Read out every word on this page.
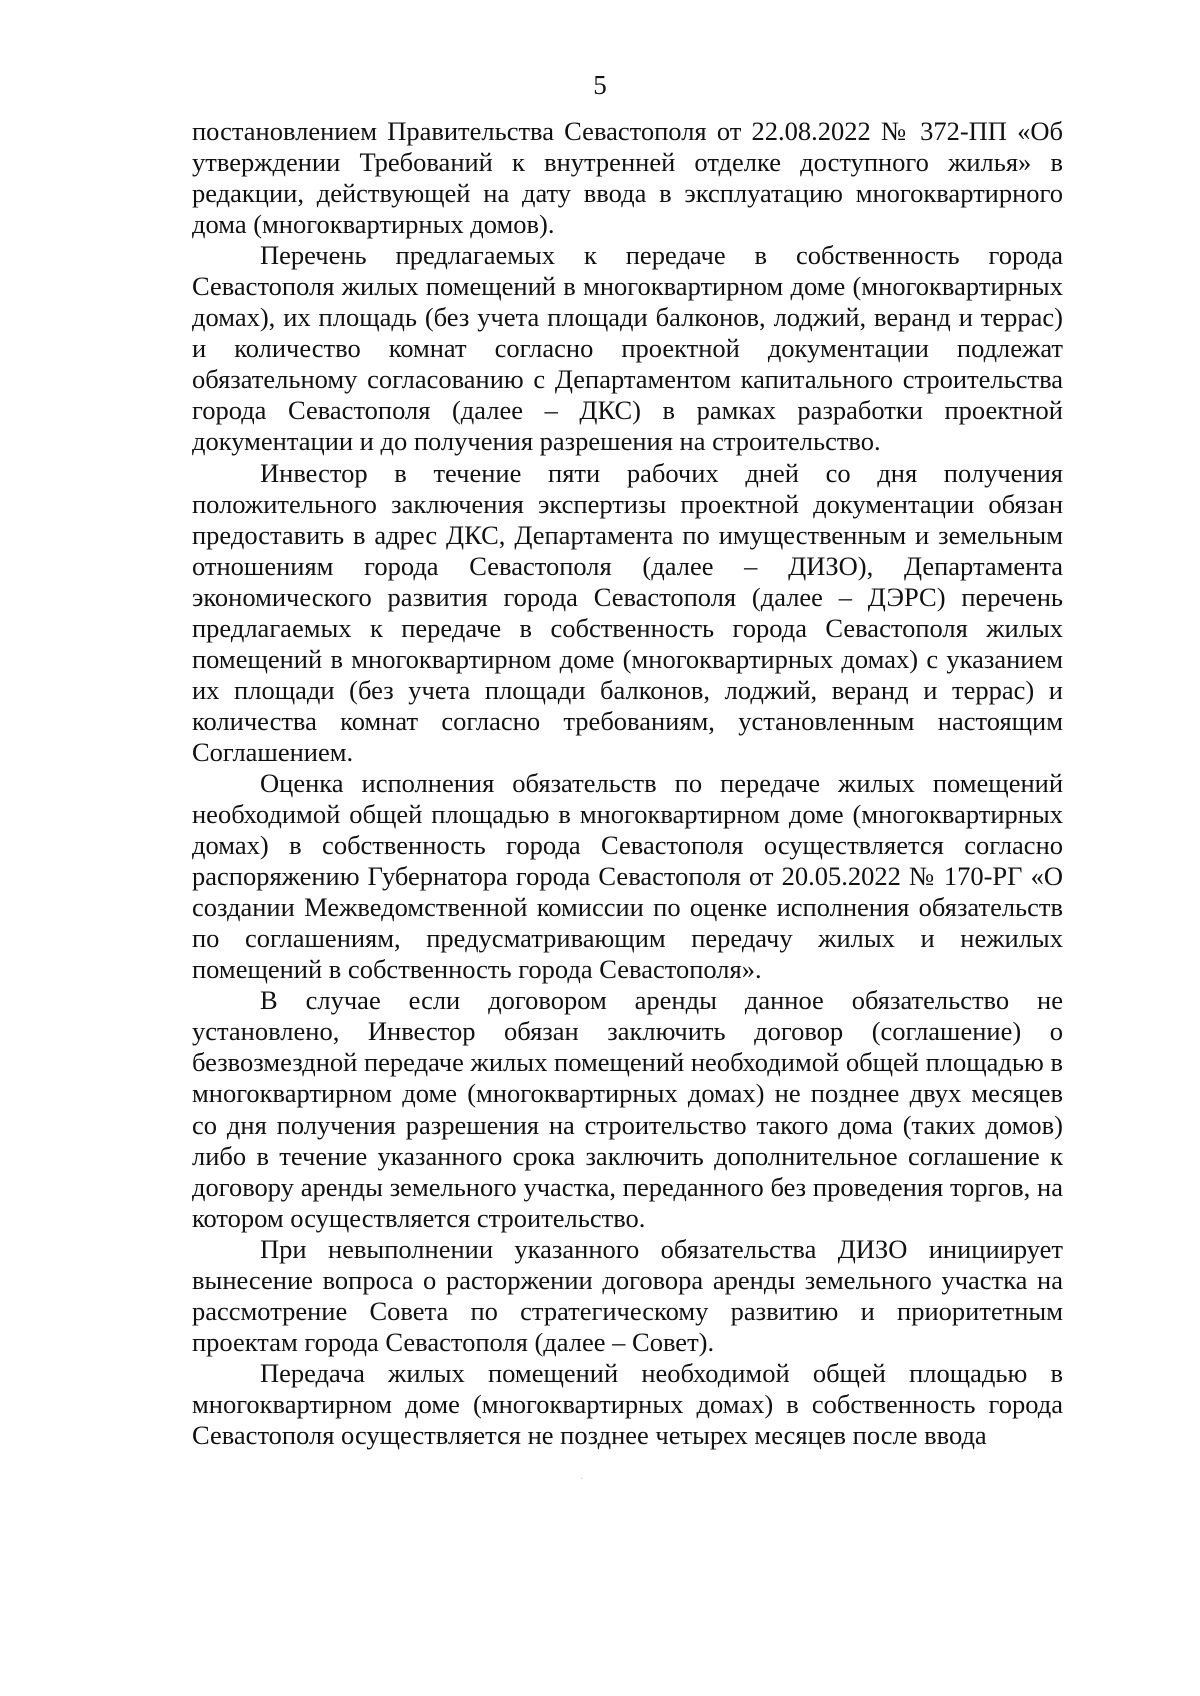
5

постановлением Правительства Севастополя от 22.08.2022 № 372-ПП «Об утверждении Требований к внутренней отделке доступного жилья» в редакции, действующей на дату ввода в эксплуатацию многоквартирного дома (многоквартирных домов).

Перечень предлагаемых к передаче в собственность города Севастополя жилых помещений в многоквартирном доме (многоквартирных домах), их площадь (без учета площади балконов, лоджий, веранд и террас) и количество комнат согласно проектной документации подлежат обязательному согласованию с Департаментом капитального строительства города Севастополя (далее – ДКС) в рамках разработки проектной документации и до получения разрешения на строительство.

Инвестор в течение пяти рабочих дней со дня получения положительного заключения экспертизы проектной документации обязан предоставить в адрес ДКС, Департамента по имущественным и земельным отношениям города Севастополя (далее – ДИЗО), Департамента экономического развития города Севастополя (далее – ДЭРС) перечень предлагаемых к передаче в собственность города Севастополя жилых помещений в многоквартирном доме (многоквартирных домах) с указанием их площади (без учета площади балконов, лоджий, веранд и террас) и количества комнат согласно требованиям, установленным настоящим Соглашением.

Оценка исполнения обязательств по передаче жилых помещений необходимой общей площадью в многоквартирном доме (многоквартирных домах) в собственность города Севастополя осуществляется согласно распоряжению Губернатора города Севастополя от 20.05.2022 № 170-РГ «О создании Межведомственной комиссии по оценке исполнения обязательств по соглашениям, предусматривающим передачу жилых и нежилых помещений в собственность города Севастополя».

В случае если договором аренды данное обязательство не установлено, Инвестор обязан заключить договор (соглашение) о безвозмездной передаче жилых помещений необходимой общей площадью в многоквартирном доме (многоквартирных домах) не позднее двух месяцев со дня получения разрешения на строительство такого дома (таких домов) либо в течение указанного срока заключить дополнительное соглашение к договору аренды земельного участка, переданного без проведения торгов, на котором осуществляется строительство.

При невыполнении указанного обязательства ДИЗО инициирует вынесение вопроса о расторжении договора аренды земельного участка на рассмотрение Совета по стратегическому развитию и приоритетным проектам города Севастополя (далее – Совет).

Передача жилых помещений необходимой общей площадью в многоквартирном доме (многоквартирных домах) в собственность города Севастополя осуществляется не позднее четырех месяцев после ввода

·
